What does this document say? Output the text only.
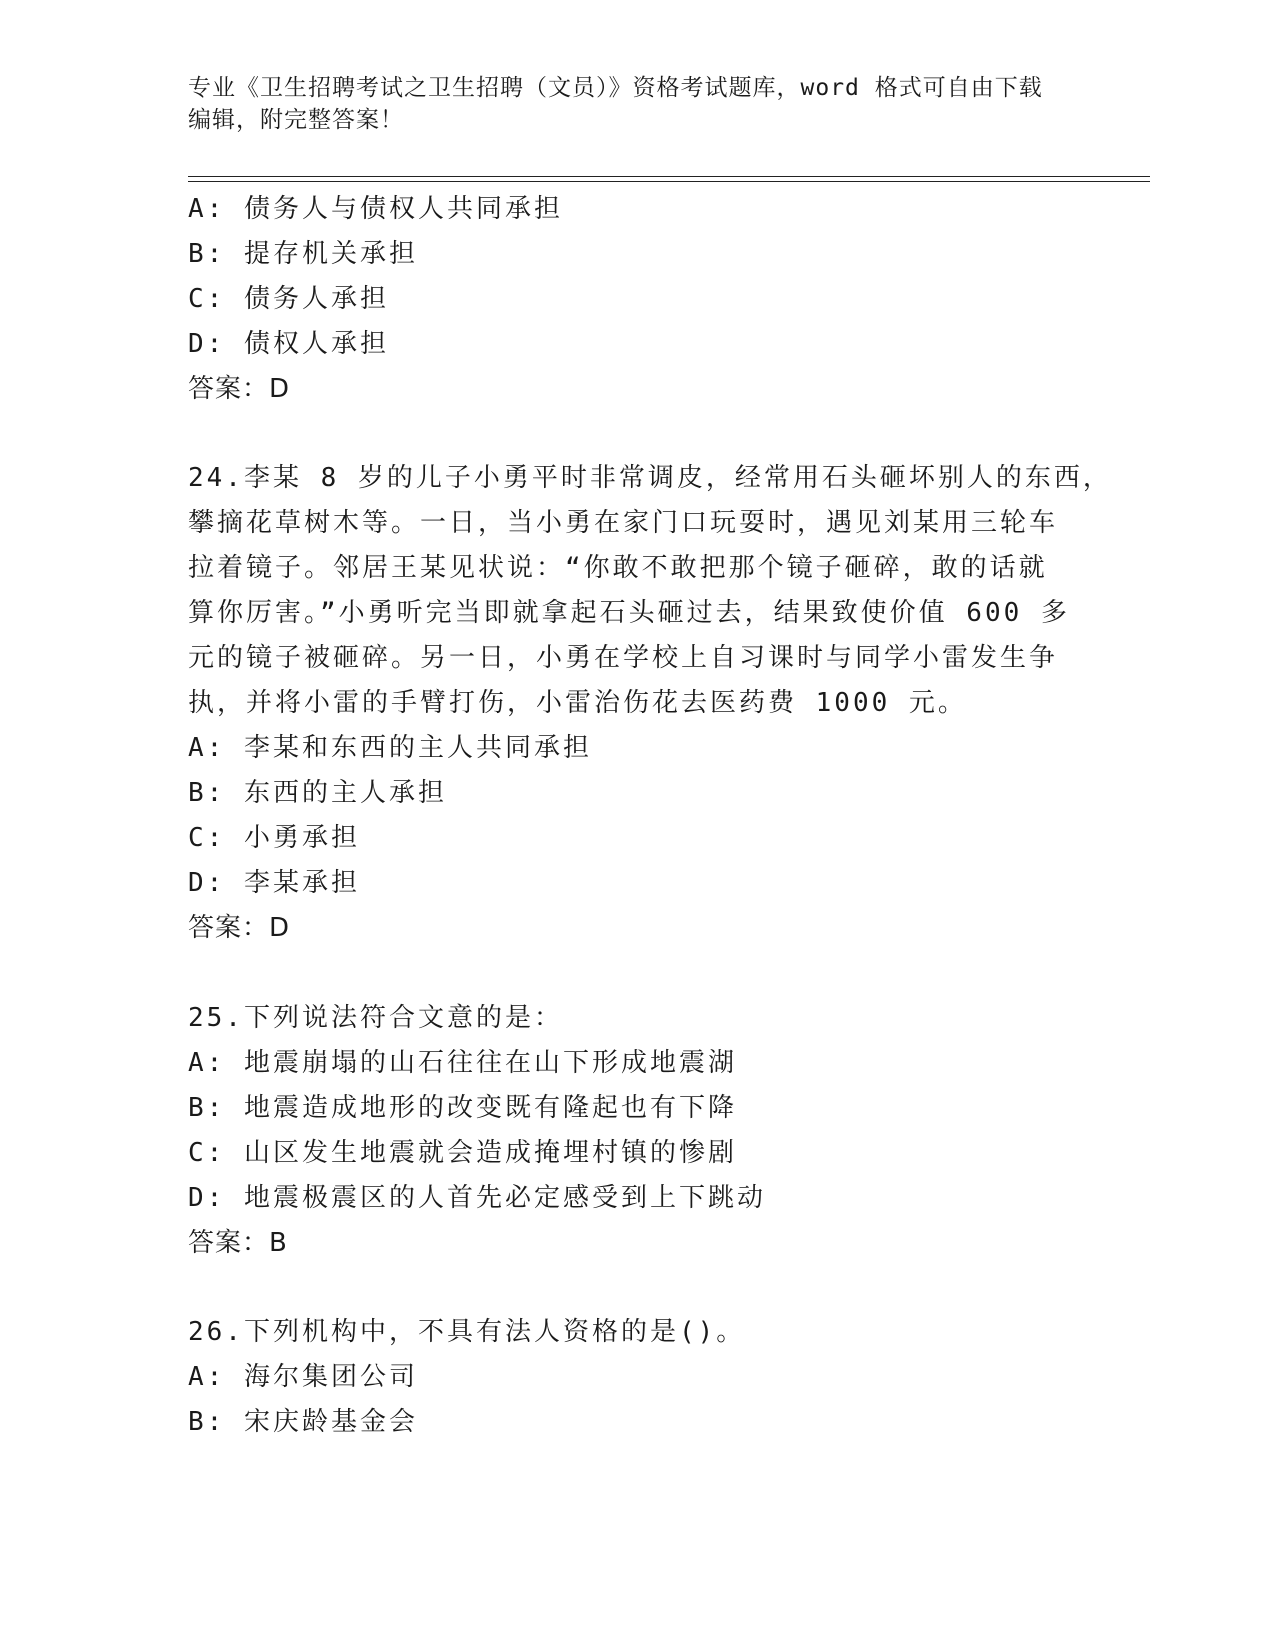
专业《卫生招聘考试之卫生招聘（文员）》资格考试题库，word 格式可自由下载
编辑，附完整答案！
A: 债务人与债权人共同承担
B: 提存机关承担
C: 债务人承担
D: 债权人承担
答案：D
24.李某 8 岁的儿子小勇平时非常调皮，经常用石头砸坏别人的东西，
攀摘花草树木等。一日，当小勇在家门口玩耍时，遇见刘某用三轮车
拉着镜子。邻居王某见状说：“你敢不敢把那个镜子砸碎，敢的话就
算你厉害。”小勇听完当即就拿起石头砸过去，结果致使价值 600 多
元的镜子被砸碎。另一日，小勇在学校上自习课时与同学小雷发生争
执，并将小雷的手臂打伤，小雷治伤花去医药费 1000 元。
A: 李某和东西的主人共同承担
B: 东西的主人承担
C: 小勇承担
D: 李某承担
答案：D
25.下列说法符合文意的是：
A: 地震崩塌的山石往往在山下形成地震湖
B: 地震造成地形的改变既有隆起也有下降
C: 山区发生地震就会造成掩埋村镇的惨剧
D: 地震极震区的人首先必定感受到上下跳动
答案：B
26.下列机构中，不具有法人资格的是()。
A: 海尔集团公司
B: 宋庆龄基金会
